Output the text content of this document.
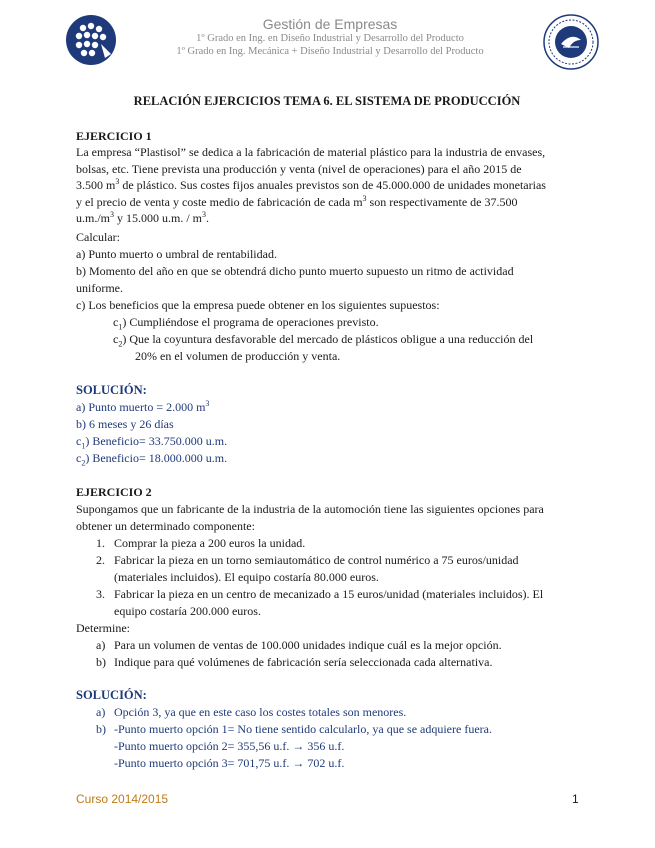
Gestión de Empresas
1º Grado en Ing. en Diseño Industrial y Desarrollo del Producto
1º Grado en Ing. Mecánica + Diseño Industrial y Desarrollo del Producto
RELACIÓN EJERCICIOS TEMA 6. EL SISTEMA DE PRODUCCIÓN
EJERCICIO 1
La empresa “Plastisol” se dedica a la fabricación de material plástico para la industria de envases,
bolsas, etc. Tiene prevista una producción y venta (nivel de operaciones) para el año 2015 de
3.500 $m^3$ de plástico. Sus costes fijos anuales previstos son de 45.000.000 de unidades monetarias
y el precio de venta y coste medio de fabricación de cada $m^3$ son respectivamente de 37.500
$u.m./m^3$ y 15.000 u.m. / $m^3$.
Calcular:
a) Punto muerto o umbral de rentabilidad.
b) Momento del año en que se obtendrá dicho punto muerto supuesto un ritmo de actividad
uniforme.
c) Los beneficios que la empresa puede obtener en los siguientes supuestos:
$c_1$) Cumpliéndose el programa de operaciones previsto.
$c_2$) Que la coyuntura desfavorable del mercado de plásticos obligue a una reducción del
20% en el volumen de producción y venta.
SOLUCIÓN:
a) Punto muerto = 2.000 $m^3$
b) 6 meses y 26 días
$c_1$) Beneficio= 33.750.000 u.m.
$c_2$) Beneficio= 18.000.000 u.m.
EJERCICIO 2
Supongamos que un fabricante de la industria de la automoción tiene las siguientes opciones para
obtener un determinado componente:
1. Comprar la pieza a 200 euros la unidad.
2. Fabricar la pieza en un torno semiautomático de control numérico a 75 euros/unidad
(materiales incluidos). El equipo costaría 80.000 euros.
3. Fabricar la pieza en un centro de mecanizado a 15 euros/unidad (materiales incluidos). El
equipo costaría 200.000 euros.
Determine:
a) Para un volumen de ventas de 100.000 unidades indique cuál es la mejor opción.
b) Indique para qué volúmenes de fabricación sería seleccionada cada alternativa.
SOLUCIÓN:
a) Opción 3, ya que en este caso los costes totales son menores.
b) -Punto muerto opción 1= No tiene sentido calcularlo, ya que se adquiere fuera.
-Punto muerto opción 2= 355,56 u.f. → 356 u.f.
-Punto muerto opción 3= 701,75 u.f. → 702 u.f.
Curso 2014/2015	1
